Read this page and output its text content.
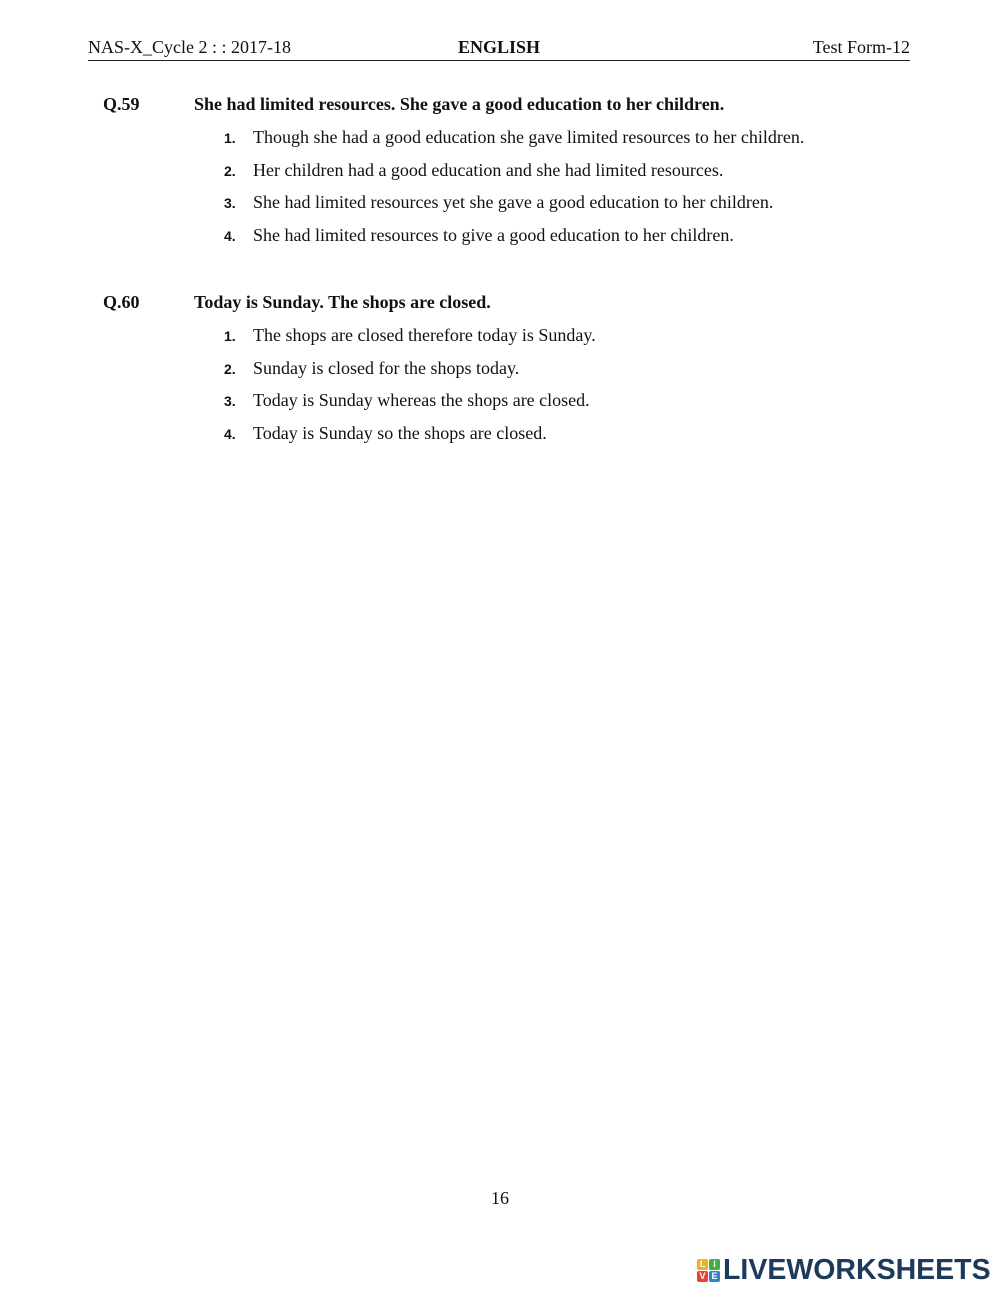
NAS-X_Cycle 2 : : 2017-18	ENGLISH	Test Form-12
Q.59	She had limited resources. She gave a good education to her children.
1. Though she had a good education she gave limited resources to her children.
2. Her children had a good education and she had limited resources.
3. She had limited resources yet she gave a good education to her children.
4. She had limited resources to give a good education to her children.
Q.60	Today is Sunday. The shops are closed.
1. The shops are closed therefore today is Sunday.
2. Sunday is closed for the shops today.
3. Today is Sunday whereas the shops are closed.
4. Today is Sunday so the shops are closed.
16
L I
V E LIVEWORKSHEETS
